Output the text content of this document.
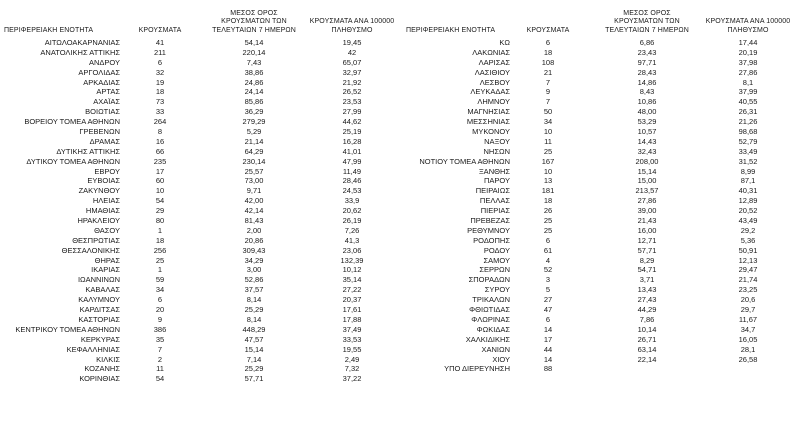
ΠΕΡΙΦΕΡΕΙΑΚΗ ΕΝΟΤΗΤΑ	ΚΡΟΥΣΜΑΤΑ
ΜΕΣΟΣ ΟΡΟΣ ΚΡΟΥΣΜΑΤΩΝ ΤΩΝ ΤΕΛΕΥΤΑΙΩΝ 7 ΗΜΕΡΩΝ
ΚΡΟΥΣΜΑΤΑ ΑΝΑ 100000 ΠΛΗΘΥΣΜΟ
ΑΙΤΩΛΟΑΚΑΡΝΑΝΙΑΣ	41	54,14	19,45
ΑΝΑΤΟΛΙΚΗΣ ΑΤΤΙΚΗΣ	211	220,14	42
ΑΝΔΡΟΥ	6	7,43	65,07
ΑΡΓΟΛΙΔΑΣ	32	38,86	32,97
ΑΡΚΑΔΙΑΣ	19	24,86	21,92
ΑΡΤΑΣ	18	24,14	26,52
ΑΧΑΪΑΣ	73	85,86	23,53
ΒΟΙΩΤΙΑΣ	33	36,29	27,99
ΒΟΡΕΙΟΥ ΤΟΜΕΑ ΑΘΗΝΩΝ	264	279,29	44,62
ΓΡΕΒΕΝΩΝ	8	5,29	25,19
ΔΡΑΜΑΣ	16	21,14	16,28
ΔΥΤΙΚΗΣ ΑΤΤΙΚΗΣ	66	64,29	41,01
ΔΥΤΙΚΟΥ ΤΟΜΕΑ ΑΘΗΝΩΝ	235	230,14	47,99
ΕΒΡΟΥ	17	25,57	11,49
ΕΥΒΟΙΑΣ	60	73,00	28,46
ΖΑΚΥΝΘΟΥ	10	9,71	24,53
ΗΛΕΙΑΣ	54	42,00	33,9
ΗΜΑΘΙΑΣ	29	42,14	20,62
ΗΡΑΚΛΕΙΟΥ	80	81,43	26,19
ΘΑΣΟΥ	1	2,00	7,26
ΘΕΣΠΡΩΤΙΑΣ	18	20,86	41,3
ΘΕΣΣΑΛΟΝΙΚΗΣ	256	309,43	23,06
ΘΗΡΑΣ	25	34,29	132,39
ΙΚΑΡΙΑΣ	1	3,00	10,12
ΙΩΑΝΝΙΝΩΝ	59	52,86	35,14
ΚΑΒΑΛΑΣ	34	37,57	27,22
ΚΑΛΥΜΝΟΥ	6	8,14	20,37
ΚΑΡΔΙΤΣΑΣ	20	25,29	17,61
ΚΑΣΤΟΡΙΑΣ	9	8,14	17,88
ΚΕΝΤΡΙΚΟΥ ΤΟΜΕΑ ΑΘΗΝΩΝ	386	448,29	37,49
ΚΕΡΚΥΡΑΣ	35	47,57	33,53
ΚΕΦΑΛΛΗΝΙΑΣ	7	15,14	19,55
ΚΙΛΚΙΣ	2	7,14	2,49
ΚΟΖΑΝΗΣ	11	25,29	7,32
ΚΟΡΙΝΘΙΑΣ	54	57,71	37,22
ΠΕΡΙΦΕΡΕΙΑΚΗ ΕΝΟΤΗΤΑ	ΚΡΟΥΣΜΑΤΑ
ΜΕΣΟΣ ΟΡΟΣ ΚΡΟΥΣΜΑΤΩΝ ΤΩΝ ΤΕΛΕΥΤΑΙΩΝ 7 ΗΜΕΡΩΝ
ΚΡΟΥΣΜΑΤΑ ΑΝΑ 100000 ΠΛΗΘΥΣΜΟ
ΚΩ	6	6,86	17,44
ΛΑΚΩΝΙΑΣ	18	23,43	20,19
ΛΑΡΙΣΑΣ	108	97,71	37,98
ΛΑΣΙΘΙΟΥ	21	28,43	27,86
ΛΕΣΒΟΥ	7	14,86	8,1
ΛΕΥΚΑΔΑΣ	9	8,43	37,99
ΛΗΜΝΟΥ	7	10,86	40,55
ΜΑΓΝΗΣΙΑΣ	50	48,00	26,31
ΜΕΣΣΗΝΙΑΣ	34	53,29	21,26
ΜΥΚΟΝΟΥ	10	10,57	98,68
ΝΑΞΟΥ	11	14,43	52,79
ΝΗΣΩΝ	25	32,43	33,49
ΝΟΤΙΟΥ ΤΟΜΕΑ ΑΘΗΝΩΝ	167	208,00	31,52
ΞΑΝΘΗΣ	10	15,14	8,99
ΠΑΡΟΥ	13	15,00	87,1
ΠΕΙΡΑΙΩΣ	181	213,57	40,31
ΠΕΛΛΑΣ	18	27,86	12,89
ΠΙΕΡΙΑΣ	26	39,00	20,52
ΠΡΕΒΕΖΑΣ	25	21,43	43,49
ΡΕΘΥΜΝΟΥ	25	16,00	29,2
ΡΟΔΟΠΗΣ	6	12,71	5,36
ΡΟΔΟΥ	61	57,71	50,91
ΣΑΜΟΥ	4	8,29	12,13
ΣΕΡΡΩΝ	52	54,71	29,47
ΣΠΟΡΑΔΩΝ	3	3,71	21,74
ΣΥΡΟΥ	5	13,43	23,25
ΤΡΙΚΑΛΩΝ	27	27,43	20,6
ΦΘΙΩΤΙΔΑΣ	47	44,29	29,7
ΦΛΩΡΙΝΑΣ	6	7,86	11,67
ΦΩΚΙΔΑΣ	14	10,14	34,7
ΧΑΛΚΙΔΙΚΗΣ	17	26,71	16,05
ΧΑΝΙΩΝ	44	63,14	28,1
ΧΙΟΥ	14	22,14	26,58
ΥΠΟ ΔΙΕΡΕΥΝΗΣΗ	88
